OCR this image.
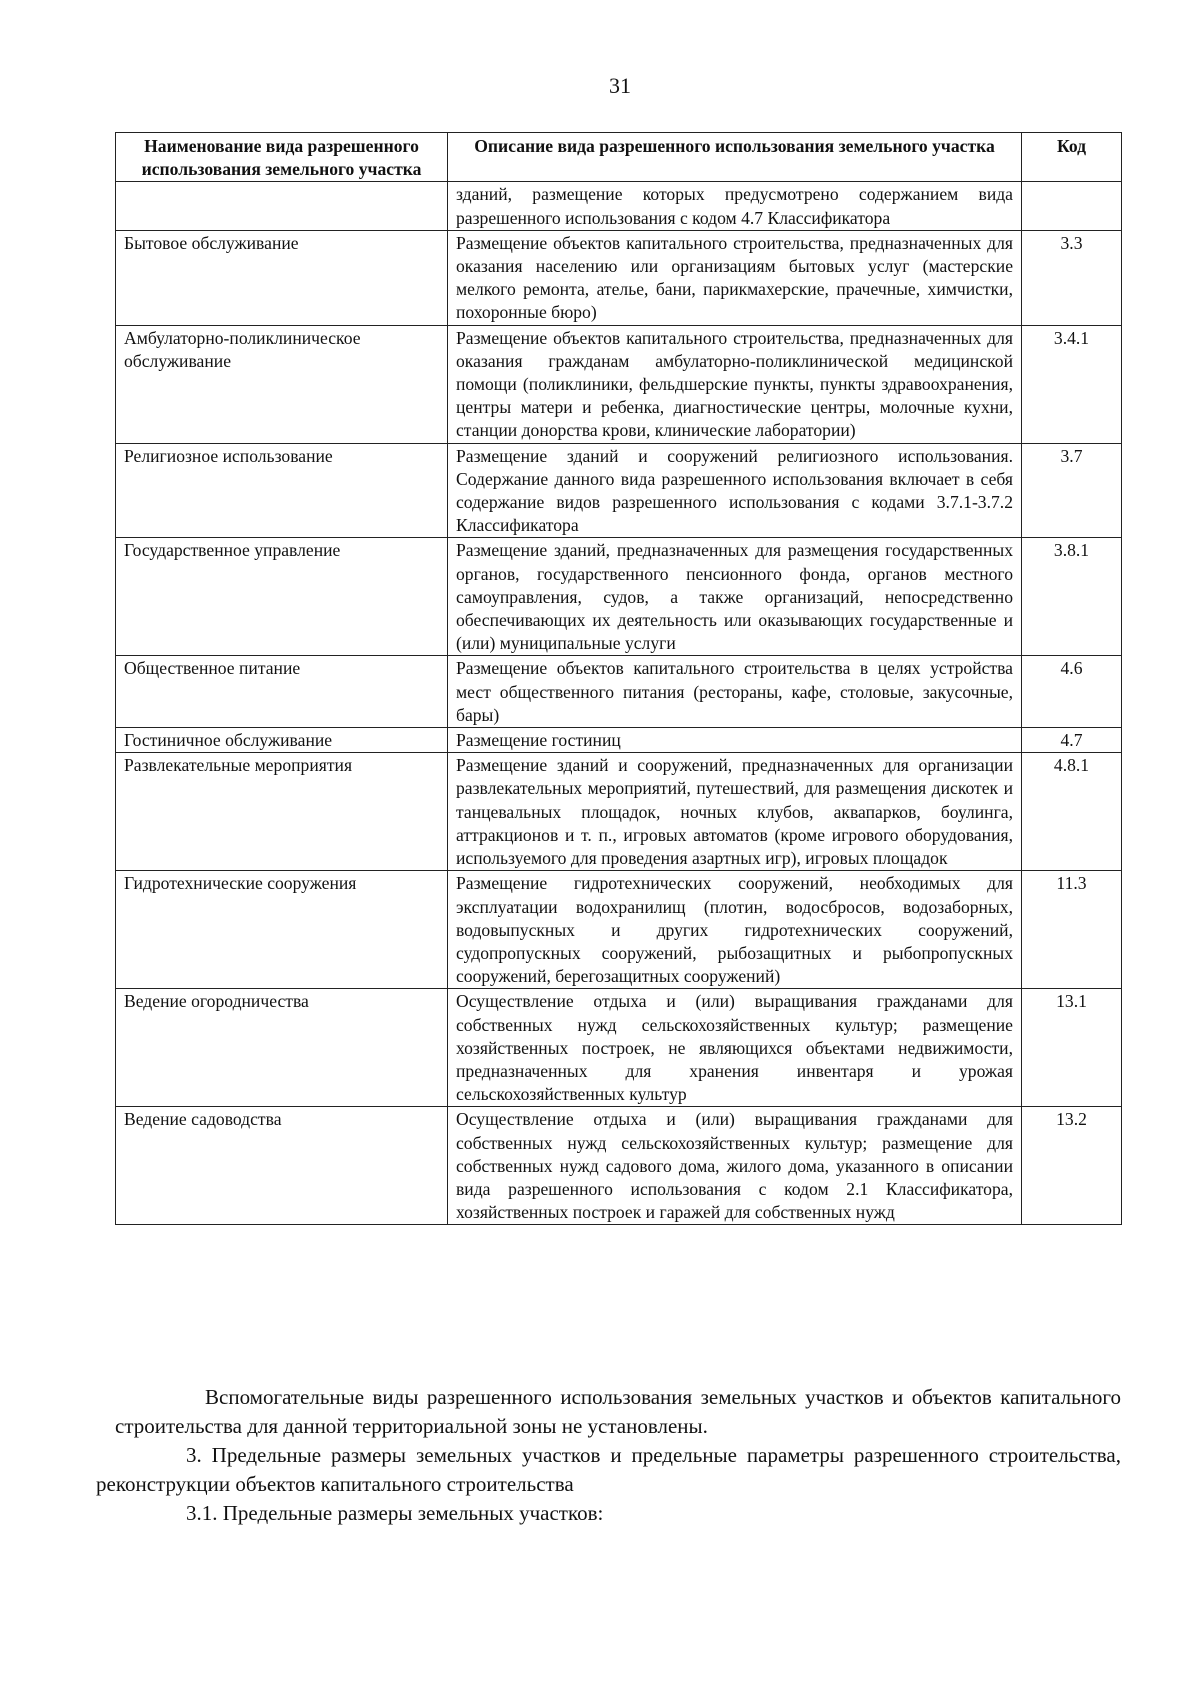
31
Наименование вида разрешенного использования земельного участка	Описание вида разрешенного использования земельного участка	Код
	зданий, размещение которых предусмотрено содержанием вида разрешенного использования с кодом 4.7 Классификатора	
Бытовое обслуживание	Размещение объектов капитального строительства, предназначенных для оказания населению или организациям бытовых услуг (мастерские мелкого ремонта, ателье, бани, парикмахерские, прачечные, химчистки, похоронные бюро)	3.3
Амбулаторно-поликлиническое обслуживание	Размещение объектов капитального строительства, предназначенных для оказания гражданам амбулаторно-поликлинической медицинской помощи (поликлиники, фельдшерские пункты, пункты здравоохранения, центры матери и ребенка, диагностические центры, молочные кухни, станции донорства крови, клинические лаборатории)	3.4.1
Религиозное использование	Размещение зданий и сооружений религиозного использования. Содержание данного вида разрешенного использования включает в себя содержание видов разрешенного использования с кодами 3.7.1-3.7.2 Классификатора	3.7
Государственное управление	Размещение зданий, предназначенных для размещения государственных органов, государственного пенсионного фонда, органов местного самоуправления, судов, а также организаций, непосредственно обеспечивающих их деятельность или оказывающих государственные и (или) муниципальные услуги	3.8.1
Общественное питание	Размещение объектов капитального строительства в целях устройства мест общественного питания (рестораны, кафе, столовые, закусочные, бары)	4.6
Гостиничное обслуживание	Размещение гостиниц	4.7
Развлекательные мероприятия	Размещение зданий и сооружений, предназначенных для организации развлекательных мероприятий, путешествий, для размещения дискотек и танцевальных площадок, ночных клубов, аквапарков, боулинга, аттракционов и т. п., игровых автоматов (кроме игрового оборудования, используемого для проведения азартных игр), игровых площадок	4.8.1
Гидротехнические сооружения	Размещение гидротехнических сооружений, необходимых для эксплуатации водохранилищ (плотин, водосбросов, водозаборных, водовыпускных и других гидротехнических сооружений, судопропускных сооружений, рыбозащитных и рыбопропускных сооружений, берегозащитных сооружений)	11.3
Ведение огородничества	Осуществление отдыха и (или) выращивания гражданами для собственных нужд сельскохозяйственных культур; размещение хозяйственных построек, не являющихся объектами недвижимости, предназначенных для хранения инвентаря и урожая сельскохозяйственных культур	13.1
Ведение садоводства	Осуществление отдыха и (или) выращивания гражданами для собственных нужд сельскохозяйственных культур; размещение для собственных нужд садового дома, жилого дома, указанного в описании вида разрешенного использования с кодом 2.1 Классификатора, хозяйственных построек и гаражей для собственных нужд	13.2

Вспомогательные виды разрешенного использования земельных участков и объектов капитального строительства для данной территориальной зоны не установлены.

3. Предельные размеры земельных участков и предельные параметры разрешенного строительства, реконструкции объектов капитального строительства

3.1. Предельные размеры земельных участков:
